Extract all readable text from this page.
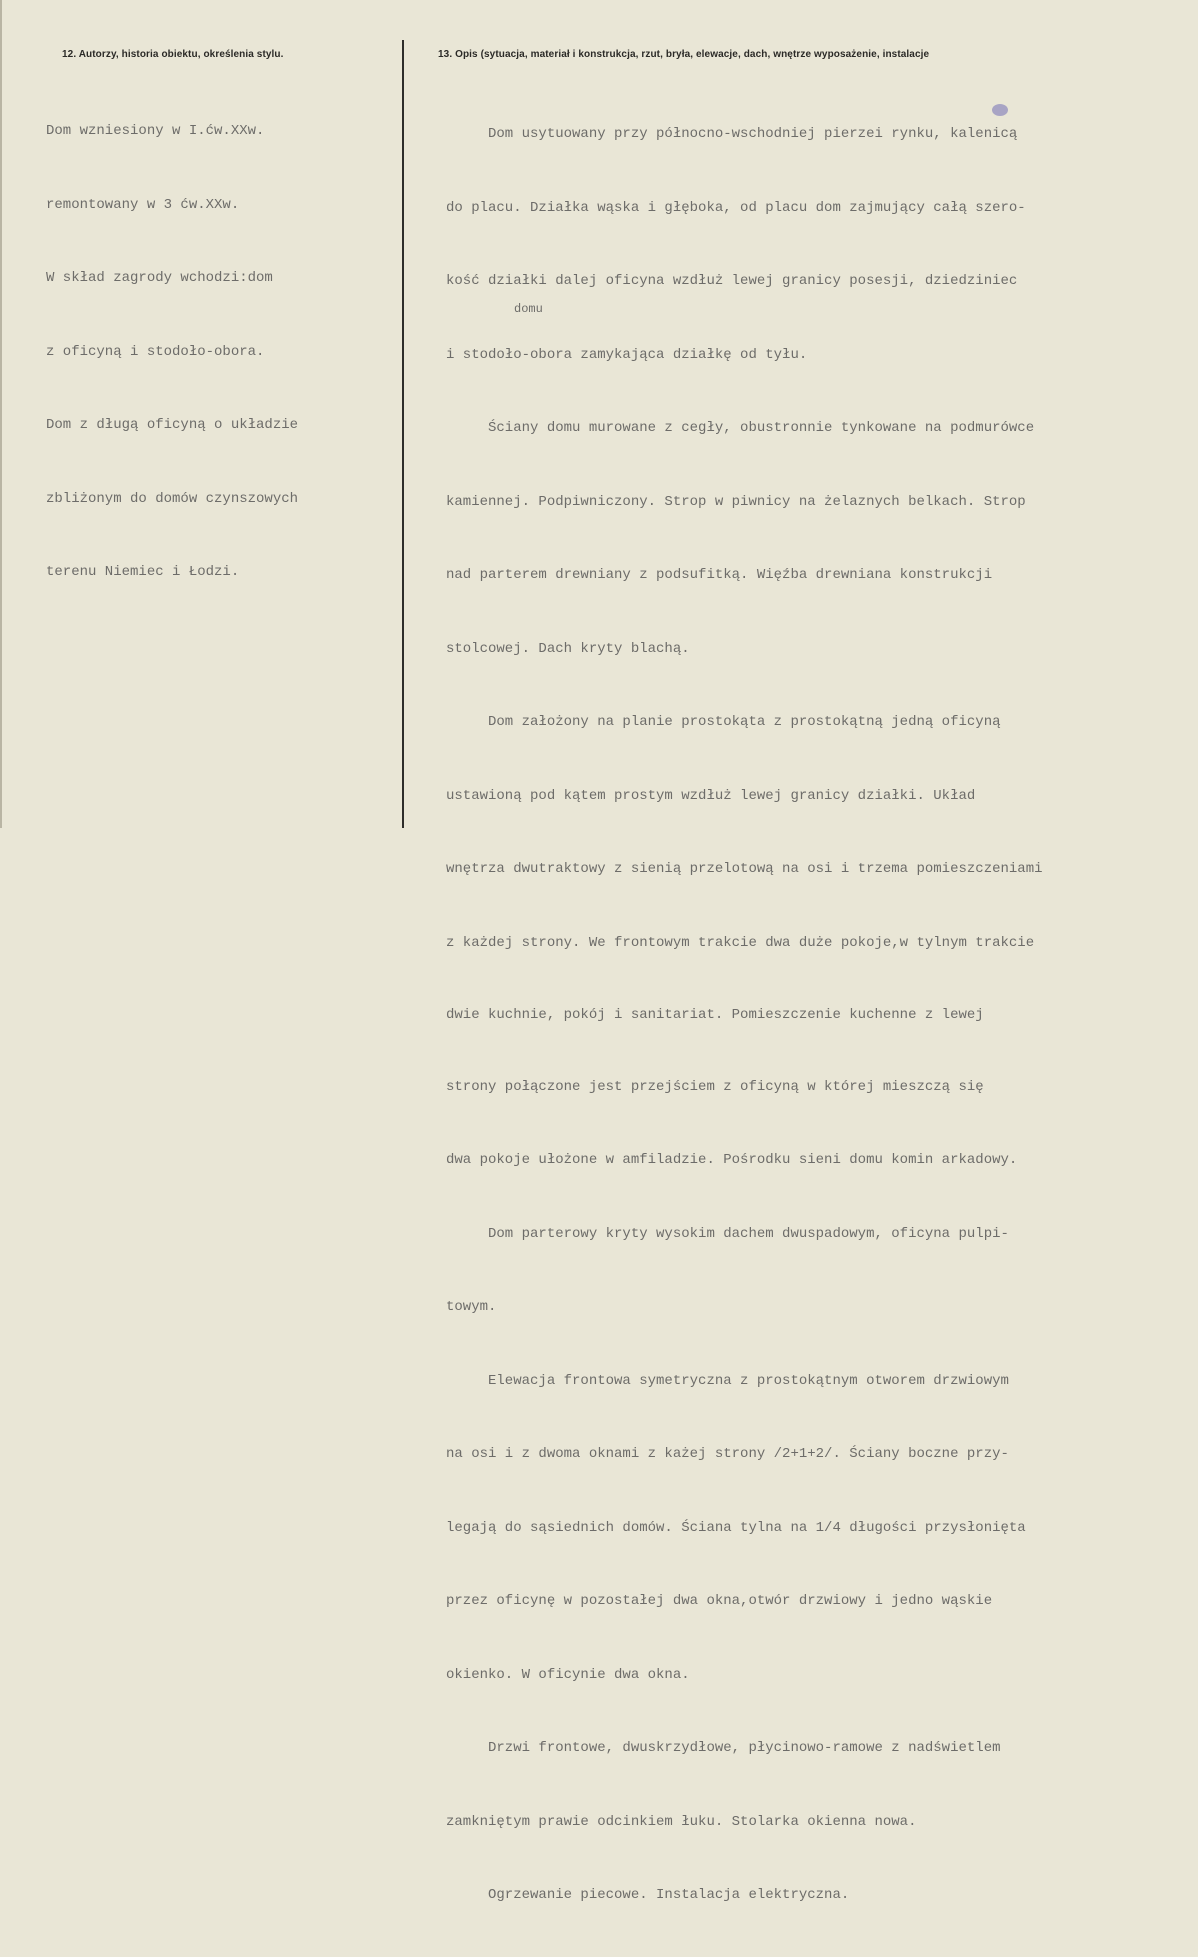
12. Autorzy, historia obiektu, określenia stylu.	13. Opis (sytuacja, materiał i konstrukcja, rzut, bryła, elewacje, dach, wnętrze wyposażenie, instalacje

Dom wzniesiony w I.ćw.XXw.

remontowany w 3 ćw.XXw.

W skład zagrody wchodzi:dom

z oficyną i stodoło-obora.

Dom z długą oficyną o układzie

zbliżonym do domów czynszowych

terenu Niemiec i Łodzi.

Dom usytuowany przy północno-wschodniej pierzei rynku, kalenicą

do placu. Działka wąska i głęboka, od placu dom zajmujący całą szero-

kość działki dalej oficyna wzdłuż lewej granicy posesji, dziedziniec

i stodoło-obora zamykająca działkę od tyłu.

Ściany domu murowane z cegły, obustronnie tynkowane na podmurówce

kamiennej. Podpiwniczony. Strop w piwnicy na żelaznych belkach. Strop

nad parterem drewniany z podsufitką. Więźba drewniana konstrukcji

stolcowej. Dach kryty blachą.

Dom założony na planie prostokąta z prostokątną jedną oficyną

ustawioną pod kątem prostym wzdłuż lewej granicy działki. Układ

wnętrza dwutraktowy z sienią przelotową na osi i trzema pomieszczeniami

z każdej strony. We frontowym trakcie dwa duże pokoje,w tylnym trakcie

dwie kuchnie, pokój i sanitariat. Pomieszczenie kuchenne z lewej

strony połączone jest przejściem z oficyną w której mieszczą się

dwa pokoje ułożone w amfiladzie. Pośrodku sieni domu komin arkadowy.

Dom parterowy kryty wysokim dachem dwuspadowym, oficyna pulpi-

towym.

Elewacja frontowa symetryczna z prostokątnym otworem drzwiowym

na osi i z dwoma oknami z każej strony /2+1+2/. Ściany boczne przy-

legają do sąsiednich domów. Ściana tylna na 1/4 długości przysłonięta

przez oficynę w pozostałej dwa okna,otwór drzwiowy i jedno wąskie

okienko. W oficynie dwa okna.

Drzwi frontowe, dwuskrzydłowe, płycinowo-ramowe z nadświetlem

zamkniętym prawie odcinkiem łuku. Stolarka okienna nowa.

Ogrzewanie piecowe. Instalacja elektryczna.

domu
